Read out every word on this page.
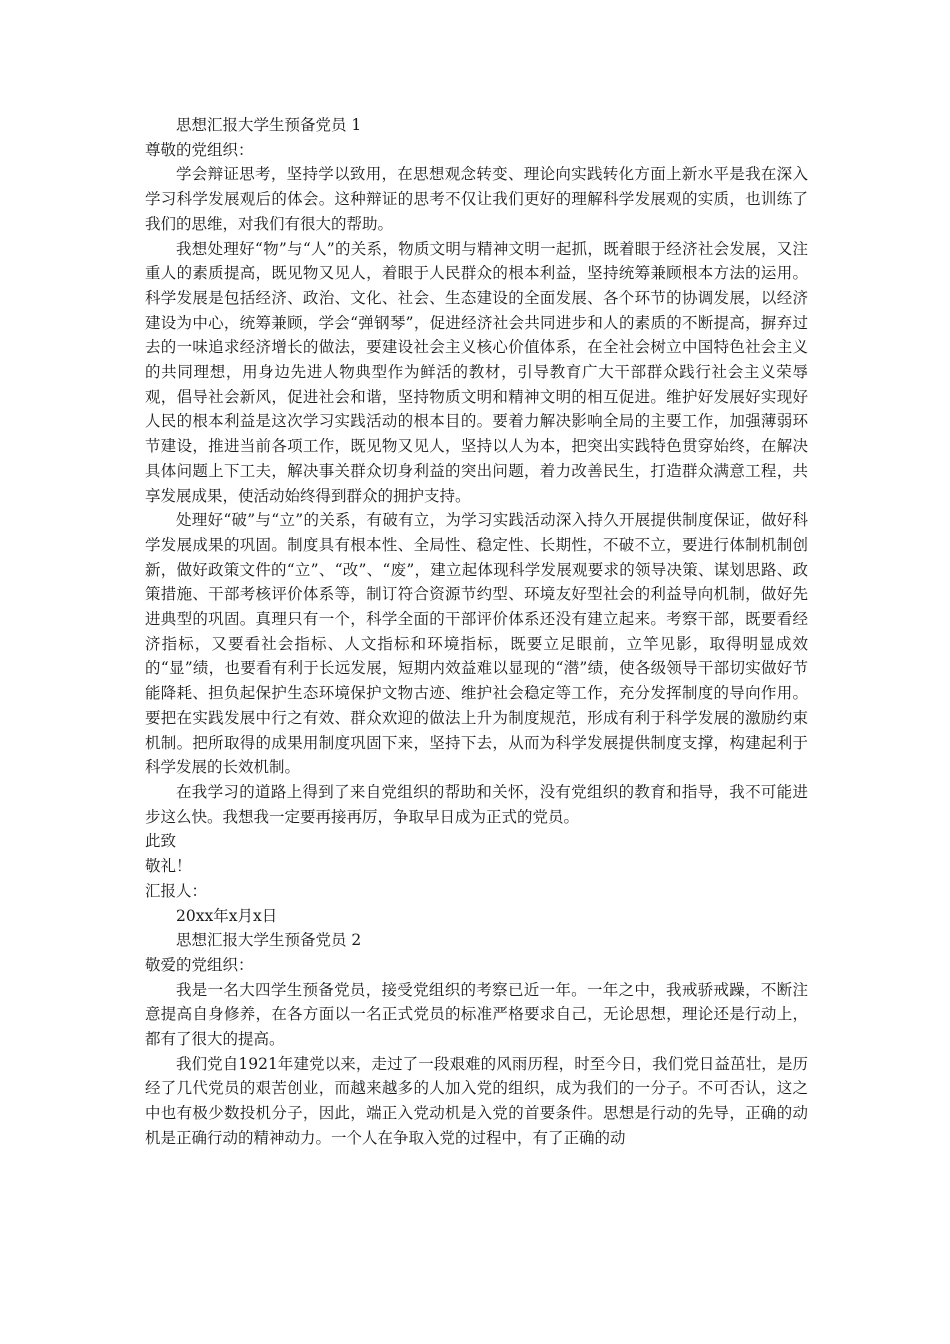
思想汇报大学生预备党员 1

尊敬的党组织：

学会辩证思考，坚持学以致用，在思想观念转变、理论向实践转化方面上新水平是我在深入学习科学发展观后的体会。这种辩证的思考不仅让我们更好的理解科学发展观的实质，也训练了我们的思维，对我们有很大的帮助。

我想处理好“物”与“人”的关系，物质文明与精神文明一起抓，既着眼于经济社会发展，又注重人的素质提高，既见物又见人，着眼于人民群众的根本利益，坚持统筹兼顾根本方法的运用。科学发展是包括经济、政治、文化、社会、生态建设的全面发展、各个环节的协调发展，以经济建设为中心，统筹兼顾，学会“弹钢琴”，促进经济社会共同进步和人的素质的不断提高，摒弃过去的一味追求经济增长的做法，要建设社会主义核心价值体系，在全社会树立中国特色社会主义的共同理想，用身边先进人物典型作为鲜活的教材，引导教育广大干部群众践行社会主义荣辱观，倡导社会新风，促进社会和谐，坚持物质文明和精神文明的相互促进。维护好发展好实现好人民的根本利益是这次学习实践活动的根本目的。要着力解决影响全局的主要工作，加强薄弱环节建设，推进当前各项工作，既见物又见人，坚持以人为本，把突出实践特色贯穿始终，在解决具体问题上下工夫，解决事关群众切身利益的突出问题，着力改善民生，打造群众满意工程，共享发展成果，使活动始终得到群众的拥护支持。

处理好“破”与“立”的关系，有破有立，为学习实践活动深入持久开展提供制度保证，做好科学发展成果的巩固。制度具有根本性、全局性、稳定性、长期性，不破不立，要进行体制机制创新，做好政策文件的“立”、“改”、“废”，建立起体现科学发展观要求的领导决策、谋划思路、政策措施、干部考核评价体系等，制订符合资源节约型、环境友好型社会的利益导向机制，做好先进典型的巩固。真理只有一个，科学全面的干部评价体系还没有建立起来。考察干部，既要看经济指标，又要看社会指标、人文指标和环境指标，既要立足眼前，立竿见影，取得明显成效的“显”绩，也要看有利于长远发展，短期内效益难以显现的“潜”绩，使各级领导干部切实做好节能降耗、担负起保护生态环境保护文物古迹、维护社会稳定等工作，充分发挥制度的导向作用。要把在实践发展中行之有效、群众欢迎的做法上升为制度规范，形成有利于科学发展的激励约束机制。把所取得的成果用制度巩固下来，坚持下去，从而为科学发展提供制度支撑，构建起利于科学发展的长效机制。

在我学习的道路上得到了来自党组织的帮助和关怀，没有党组织的教育和指导，我不可能进步这么快。我想我一定要再接再厉，争取早日成为正式的党员。

此致

敬礼！

汇报人：

20xx年x月x日

思想汇报大学生预备党员 2

敬爱的党组织：

我是一名大四学生预备党员，接受党组织的考察已近一年。一年之中，我戒骄戒躁，不断注意提高自身修养，在各方面以一名正式党员的标准严格要求自己，无论思想，理论还是行动上，都有了很大的提高。

我们党自1921年建党以来，走过了一段艰难的风雨历程，时至今日，我们党日益茁壮，是历经了几代党员的艰苦创业，而越来越多的人加入党的组织，成为我们的一分子。不可否认，这之中也有极少数投机分子，因此，端正入党动机是入党的首要条件。思想是行动的先导，正确的动机是正确行动的精神动力。一个人在争取入党的过程中，有了正确的动
